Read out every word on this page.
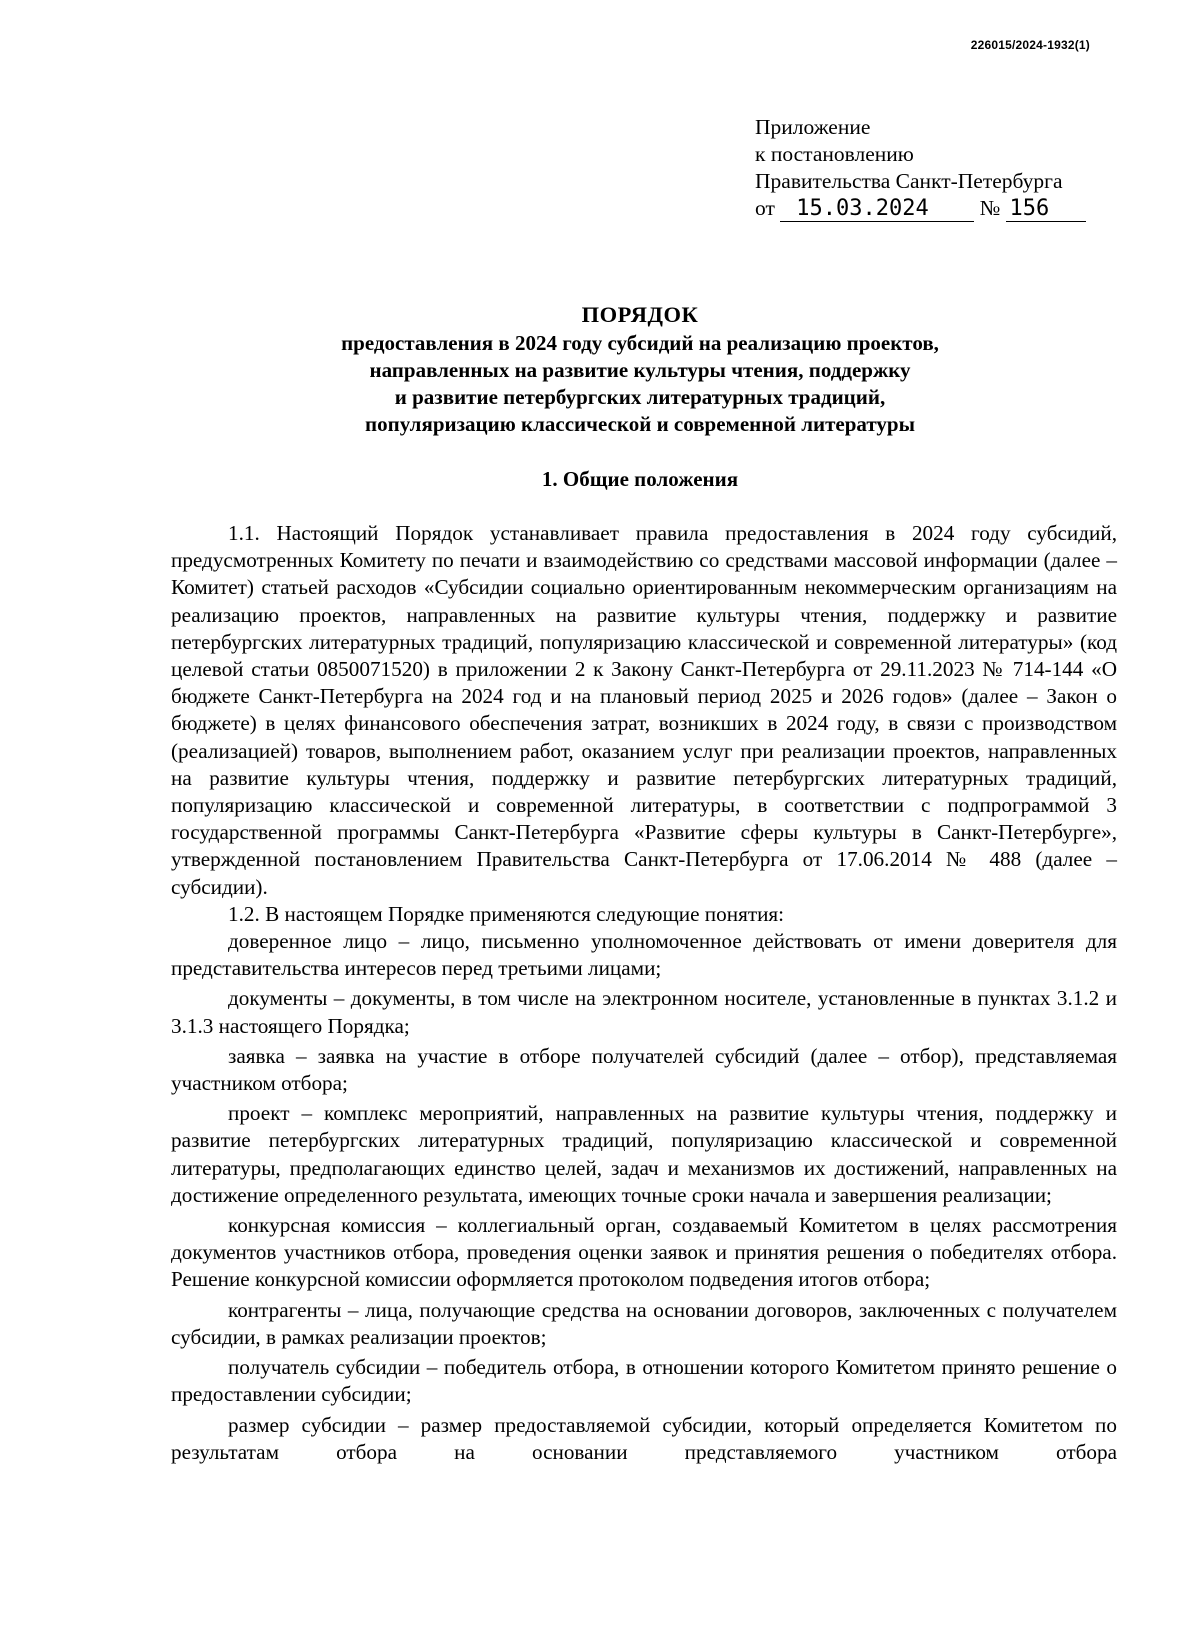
226015/2024-1932(1)
Приложение
к постановлению
Правительства Санкт-Петербурга
от 15.03.2024 № 156
ПОРЯДОК
предоставления в 2024 году субсидий на реализацию проектов,
направленных на развитие культуры чтения, поддержку
и развитие петербургских литературных традиций,
популяризацию классической и современной литературы
1. Общие положения

1.1. Настоящий Порядок устанавливает правила предоставления в 2024 году субсидий, предусмотренных Комитету по печати и взаимодействию со средствами массовой информации (далее – Комитет) статьей расходов «Субсидии социально ориентированным некоммерческим организациям на реализацию проектов, направленных на развитие культуры чтения, поддержку и развитие петербургских литературных традиций, популяризацию классической и современной литературы» (код целевой статьи 0850071520) в приложении 2 к Закону Санкт-Петербурга от 29.11.2023 № 714-144 «О бюджете Санкт-Петербурга на 2024 год и на плановый период 2025 и 2026 годов» (далее – Закон о бюджете) в целях финансового обеспечения затрат, возникших в 2024 году, в связи с производством (реализацией) товаров, выполнением работ, оказанием услуг при реализации проектов, направленных на развитие культуры чтения, поддержку и развитие петербургских литературных традиций, популяризацию классической и современной литературы, в соответствии с подпрограммой 3 государственной программы Санкт-Петербурга «Развитие сферы культуры в Санкт-Петербурге», утвержденной постановлением Правительства Санкт-Петербурга от 17.06.2014 № 488 (далее – субсидии).

1.2. В настоящем Порядке применяются следующие понятия:

доверенное лицо – лицо, письменно уполномоченное действовать от имени доверителя для представительства интересов перед третьими лицами;

документы – документы, в том числе на электронном носителе, установленные в пунктах 3.1.2 и 3.1.3 настоящего Порядка;

заявка – заявка на участие в отборе получателей субсидий (далее – отбор), представляемая участником отбора;

проект – комплекс мероприятий, направленных на развитие культуры чтения, поддержку и развитие петербургских литературных традиций, популяризацию классической и современной литературы, предполагающих единство целей, задач и механизмов их достижений, направленных на достижение определенного результата, имеющих точные сроки начала и завершения реализации;

конкурсная комиссия – коллегиальный орган, создаваемый Комитетом в целях рассмотрения документов участников отбора, проведения оценки заявок и принятия решения о победителях отбора. Решение конкурсной комиссии оформляется протоколом подведения итогов отбора;

контрагенты – лица, получающие средства на основании договоров, заключенных с получателем субсидии, в рамках реализации проектов;

получатель субсидии – победитель отбора, в отношении которого Комитетом принято решение о предоставлении субсидии;

размер субсидии – размер предоставляемой субсидии, который определяется Комитетом по результатам отбора на основании представляемого участником отбора
